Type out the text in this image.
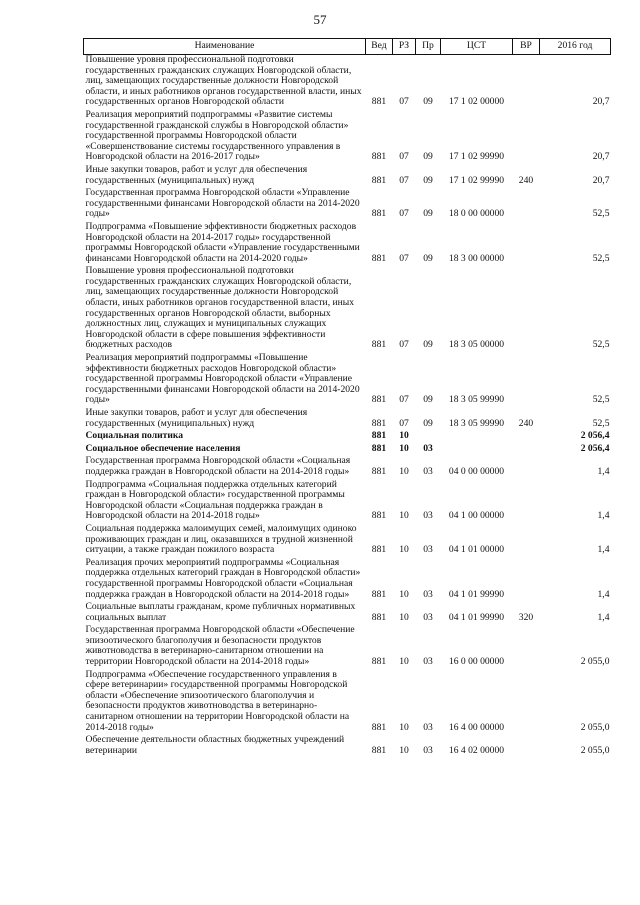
57
Наименование	Вед	РЗ	Пр	ЦСТ	ВР	2016 год
Повышение уровня профессиональной подготовки государственных гражданских служащих Новгородской области, лиц, замещающих государственные должности Новгородской области, и иных работников органов государственной власти, иных государственных органов Новгородской области	881	07	09	17 1 02 00000		20,7
Реализация мероприятий подпрограммы «Развитие системы государственной гражданской службы в Новгородской области» государственной программы Новгородской области «Совершенствование системы государственного управления в Новгородской области на 2016-2017 годы»	881	07	09	17 1 02 99990		20,7
Иные закупки товаров, работ и услуг для обеспечения государственных (муниципальных) нужд	881	07	09	17 1 02 99990	240	20,7
Государственная программа Новгородской области «Управление государственными финансами Новгородской области на 2014-2020 годы»	881	07	09	18 0 00 00000		52,5
Подпрограмма «Повышение эффективности бюджетных расходов Новгородской области на 2014-2017 годы» государственной программы Новгородской области «Управление государственными финансами Новгородской области на 2014-2020 годы»	881	07	09	18 3 00 00000		52,5
Повышение уровня профессиональной подготовки государственных гражданских служащих Новгородской области, лиц, замещающих государственные должности Новгородской области, иных работников органов государственной власти, иных государственных органов Новгородской области, выборных должностных лиц, служащих и муниципальных служащих Новгородской области в сфере повышения эффективности бюджетных расходов	881	07	09	18 3 05 00000		52,5
Реализация мероприятий подпрограммы «Повышение эффективности бюджетных расходов Новгородской области» государственной программы Новгородской области «Управление государственными финансами Новгородской области на 2014-2020 годы»	881	07	09	18 3 05 99990		52,5
Иные закупки товаров, работ и услуг для обеспечения государственных (муниципальных) нужд	881	07	09	18 3 05 99990	240	52,5
Социальная политика	881	10				2 056,4
Социальное обеспечение населения	881	10	03			2 056,4
Государственная программа Новгородской области «Социальная поддержка граждан в Новгородской области на 2014-2018 годы»	881	10	03	04 0 00 00000		1,4
Подпрограмма «Социальная поддержка отдельных категорий граждан в Новгородской области» государственной программы Новгородской области «Социальная поддержка граждан в Новгородской области на 2014-2018 годы»	881	10	03	04 1 00 00000		1,4
Социальная поддержка малоимущих семей, малоимущих одиноко проживающих граждан и лиц, оказавшихся в трудной жизненной ситуации, а также граждан пожилого возраста	881	10	03	04 1 01 00000		1,4
Реализация прочих мероприятий подпрограммы «Социальная поддержка отдельных категорий граждан в Новгородской области» государственной программы Новгородской области «Социальная поддержка граждан в Новгородской области на 2014-2018 годы»	881	10	03	04 1 01 99990		1,4
Социальные выплаты гражданам, кроме публичных нормативных социальных выплат	881	10	03	04 1 01 99990	320	1,4
Государственная программа Новгородской области «Обеспечение эпизоотического благополучия и безопасности продуктов животноводства в ветеринарно-санитарном отношении на территории Новгородской области на 2014-2018 годы»	881	10	03	16 0 00 00000		2 055,0
Подпрограмма «Обеспечение государственного управления в сфере ветеринарии» государственной программы Новгородской области «Обеспечение эпизоотического благополучия и безопасности продуктов животноводства в ветеринарно-санитарном отношении на территории Новгородской области на 2014-2018 годы»	881	10	03	16 4 00 00000		2 055,0
Обеспечение деятельности областных бюджетных учреждений ветеринарии	881	10	03	16 4 02 00000		2 055,0
